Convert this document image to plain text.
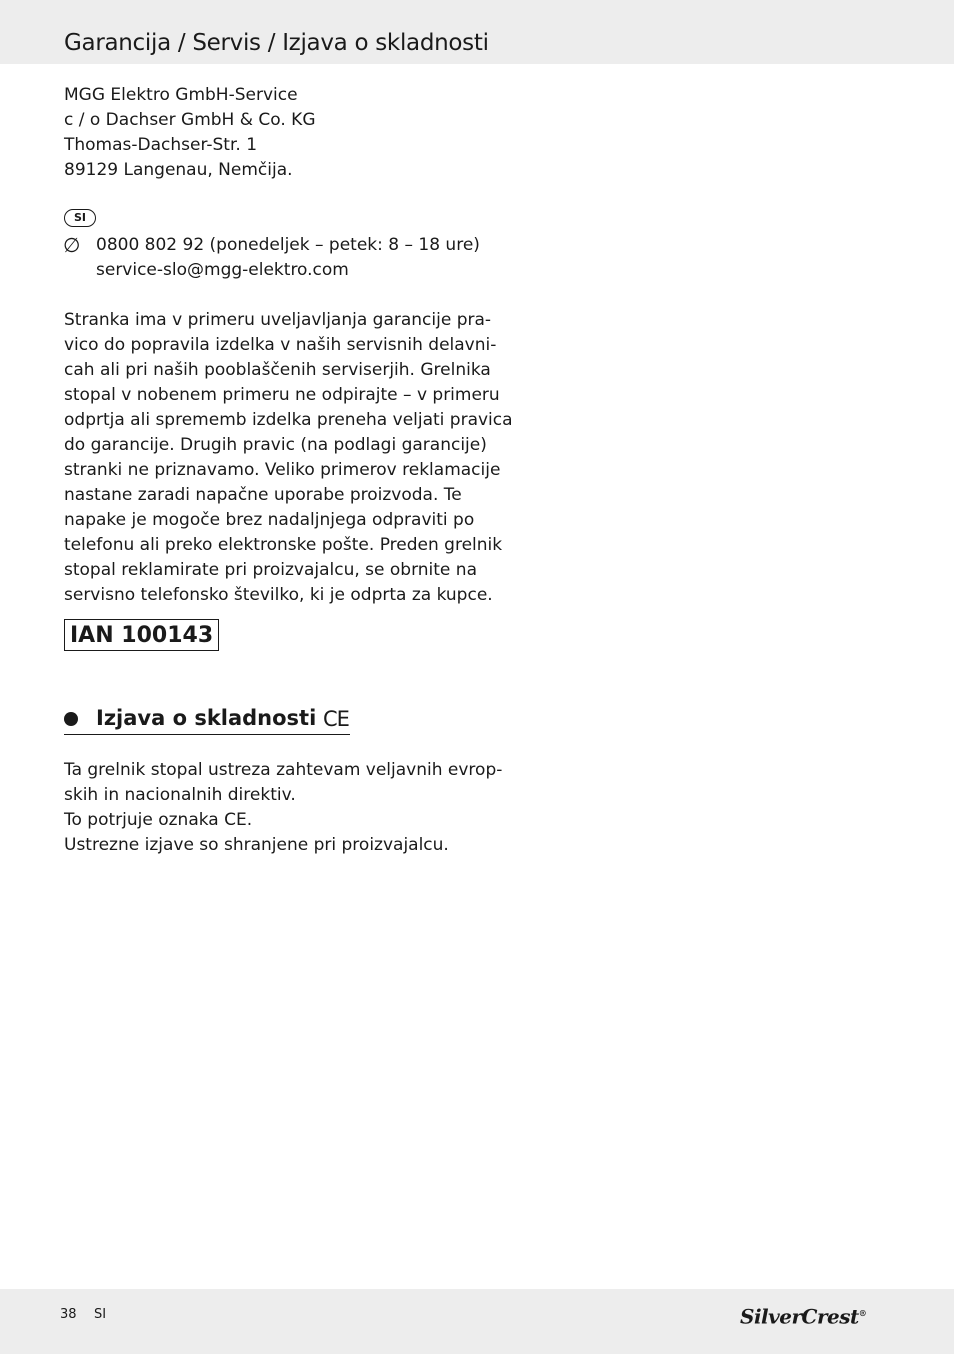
Garancija / Servis / Izjava o skladnosti
MGG Elektro GmbH-Service
c / o Dachser GmbH & Co. KG
Thomas-Dachser-Str. 1
89129 Langenau, Nemčija.
SI
∅ 0800 802 92 (ponedeljek – petek: 8 – 18 ure)
service-slo@mgg-elektro.com
Stranka ima v primeru uveljavljanja garancije pra-
vico do popravila izdelka v naših servisnih delavni-
cah ali pri naših pooblaščenih serviserjih. Grelnika
stopal v nobenem primeru ne odpirajte – v primeru
odprtja ali sprememb izdelka preneha veljati pravica
do garancije. Drugih pravic (na podlagi garancije)
stranki ne priznavamo. Veliko primerov reklamacije
nastane zaradi napačne uporabe proizvoda. Te
napake je mogoče brez nadaljnjega odpraviti po
telefonu ali preko elektronske pošte. Preden grelnik
stopal reklamirate pri proizvajalcu, se obrnite na
servisno telefonsko številko, ki je odprta za kupce.
IAN 100143
Izjava o skladnosti CE
Ta grelnik stopal ustreza zahtevam veljavnih evrop-
skih in nacionalnih direktiv.
To potrjuje oznaka CE.
Ustrezne izjave so shranjene pri proizvajalcu.
38 SI	SilverCrest®
